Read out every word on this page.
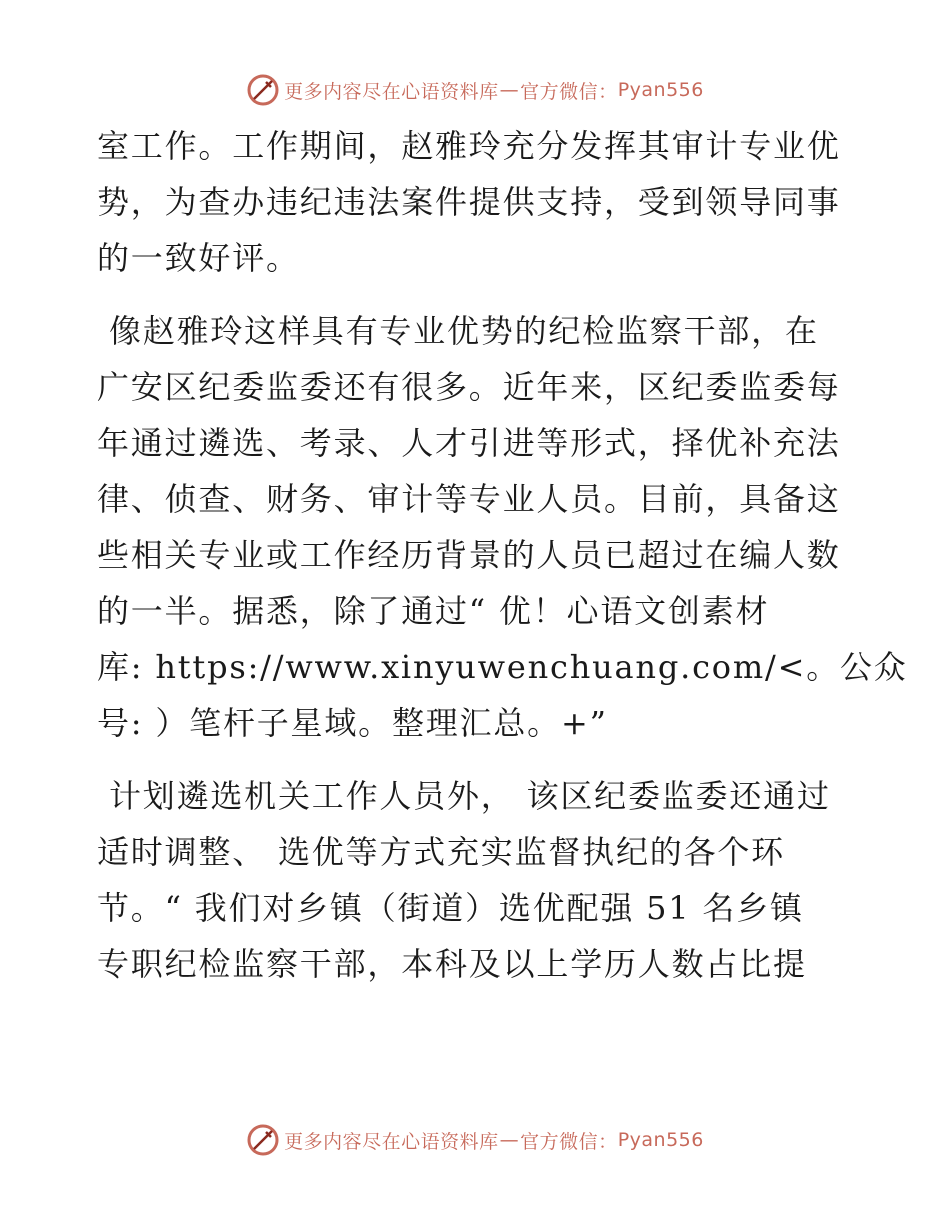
更多内容尽在心语资料库 — 官方微信： Pyan556
室工作。工作期间，赵雅玲充分发挥其审计专业优
势，为查办违纪违法案件提供支持，受到领导同事
的一致好评。
像赵雅玲这样具有专业优势的纪检监察干部，在
广安区纪委监委还有很多。近年来，区纪委监委每
年通过遴选、考录、人才引进等形式，择优补充法
律、侦查、财务、审计等专业人员。目前，具备这
些相关专业或工作经历背景的人员已超过在编人数
的一半。据悉，除了通过“ 优！心语文创素材
库: https://www.xinyuwenchuang.com/<。公众
号: ）笔杆子星域。整理汇总。+”
计划遴选机关工作人员外， 该区纪委监委还通过
适时调整、 选优等方式充实监督执纪的各个环
节。“ 我们对乡镇（街道）选优配强 51 名乡镇
专职纪检监察干部，本科及以上学历人数占比提
更多内容尽在心语资料库 — 官方微信： Pyan556
